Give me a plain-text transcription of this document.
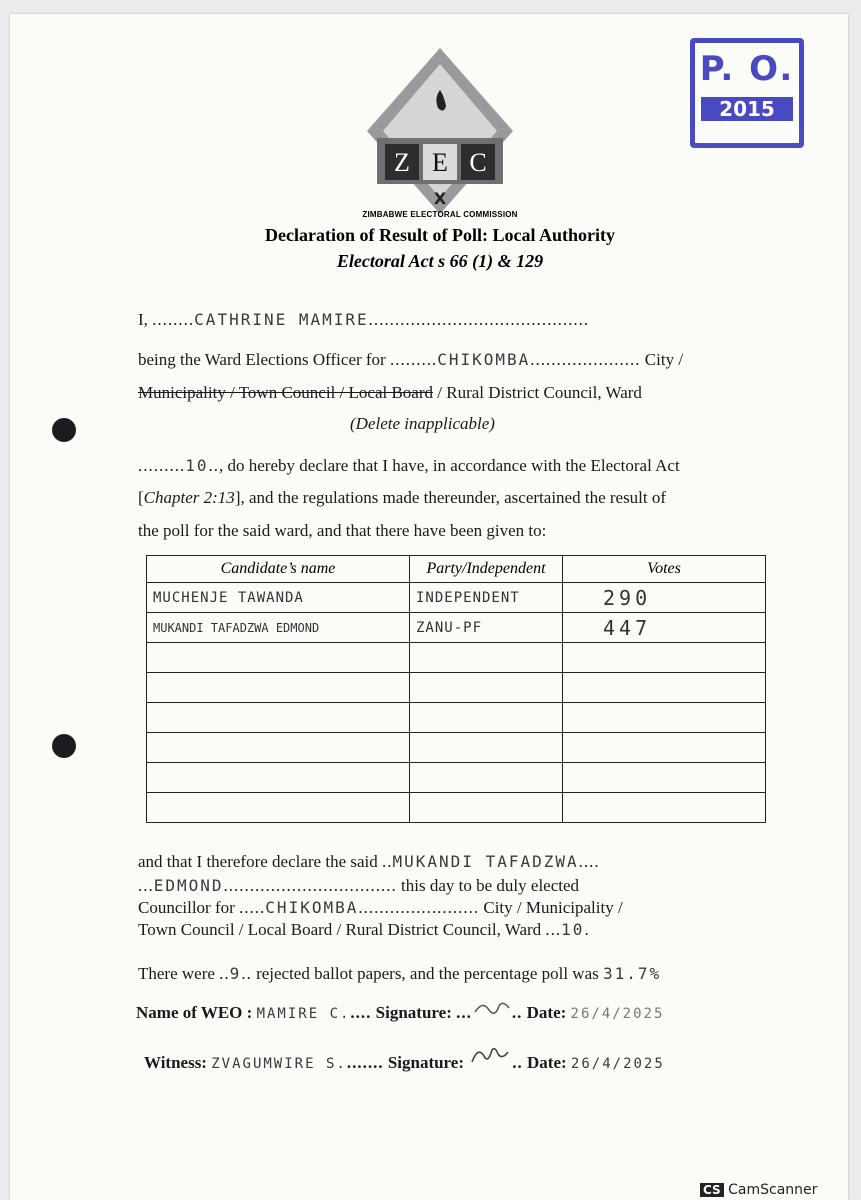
Z E C
X
P. O.
2015
ZIMBABWE ELECTORAL COMMISSION
Declaration of Result of Poll: Local Authority
Electoral Act s 66 (1) & 129
I, ........CATHRINE MAMIRE..........................................
being the Ward Elections Officer for .........CHIKOMBA..................... City /
Municipality / Town Council / Local Board / Rural District Council, Ward
(Delete inapplicable)
.........10.., do hereby declare that I have, in accordance with the Electoral Act
[Chapter 2:13], and the regulations made thereunder, ascertained the result of
the poll for the said ward, and that there have been given to:
Candidate’s name	Party/Independent	Votes
MUCHENJE TAWANDA	INDEPENDENT	290
MUKANDI TAFADZWA EDMOND	ZANU-PF	447

and that I therefore declare the said ..MUKANDI TAFADZWA....
...EDMOND................................. this day to be duly elected
Councillor for .....CHIKOMBA....................... City / Municipality /
Town Council / Local Board / Rural District Council, Ward ...10.
There were ..9.. rejected ballot papers, and the percentage poll was 31.7%
Name of WEO : MAMIRE C..... Signature: ... .. Date: 26/4/2025
Witness: ZVAGUMWIRE S........ Signature:	.. Date: 26/4/2025
CS CamScanner
